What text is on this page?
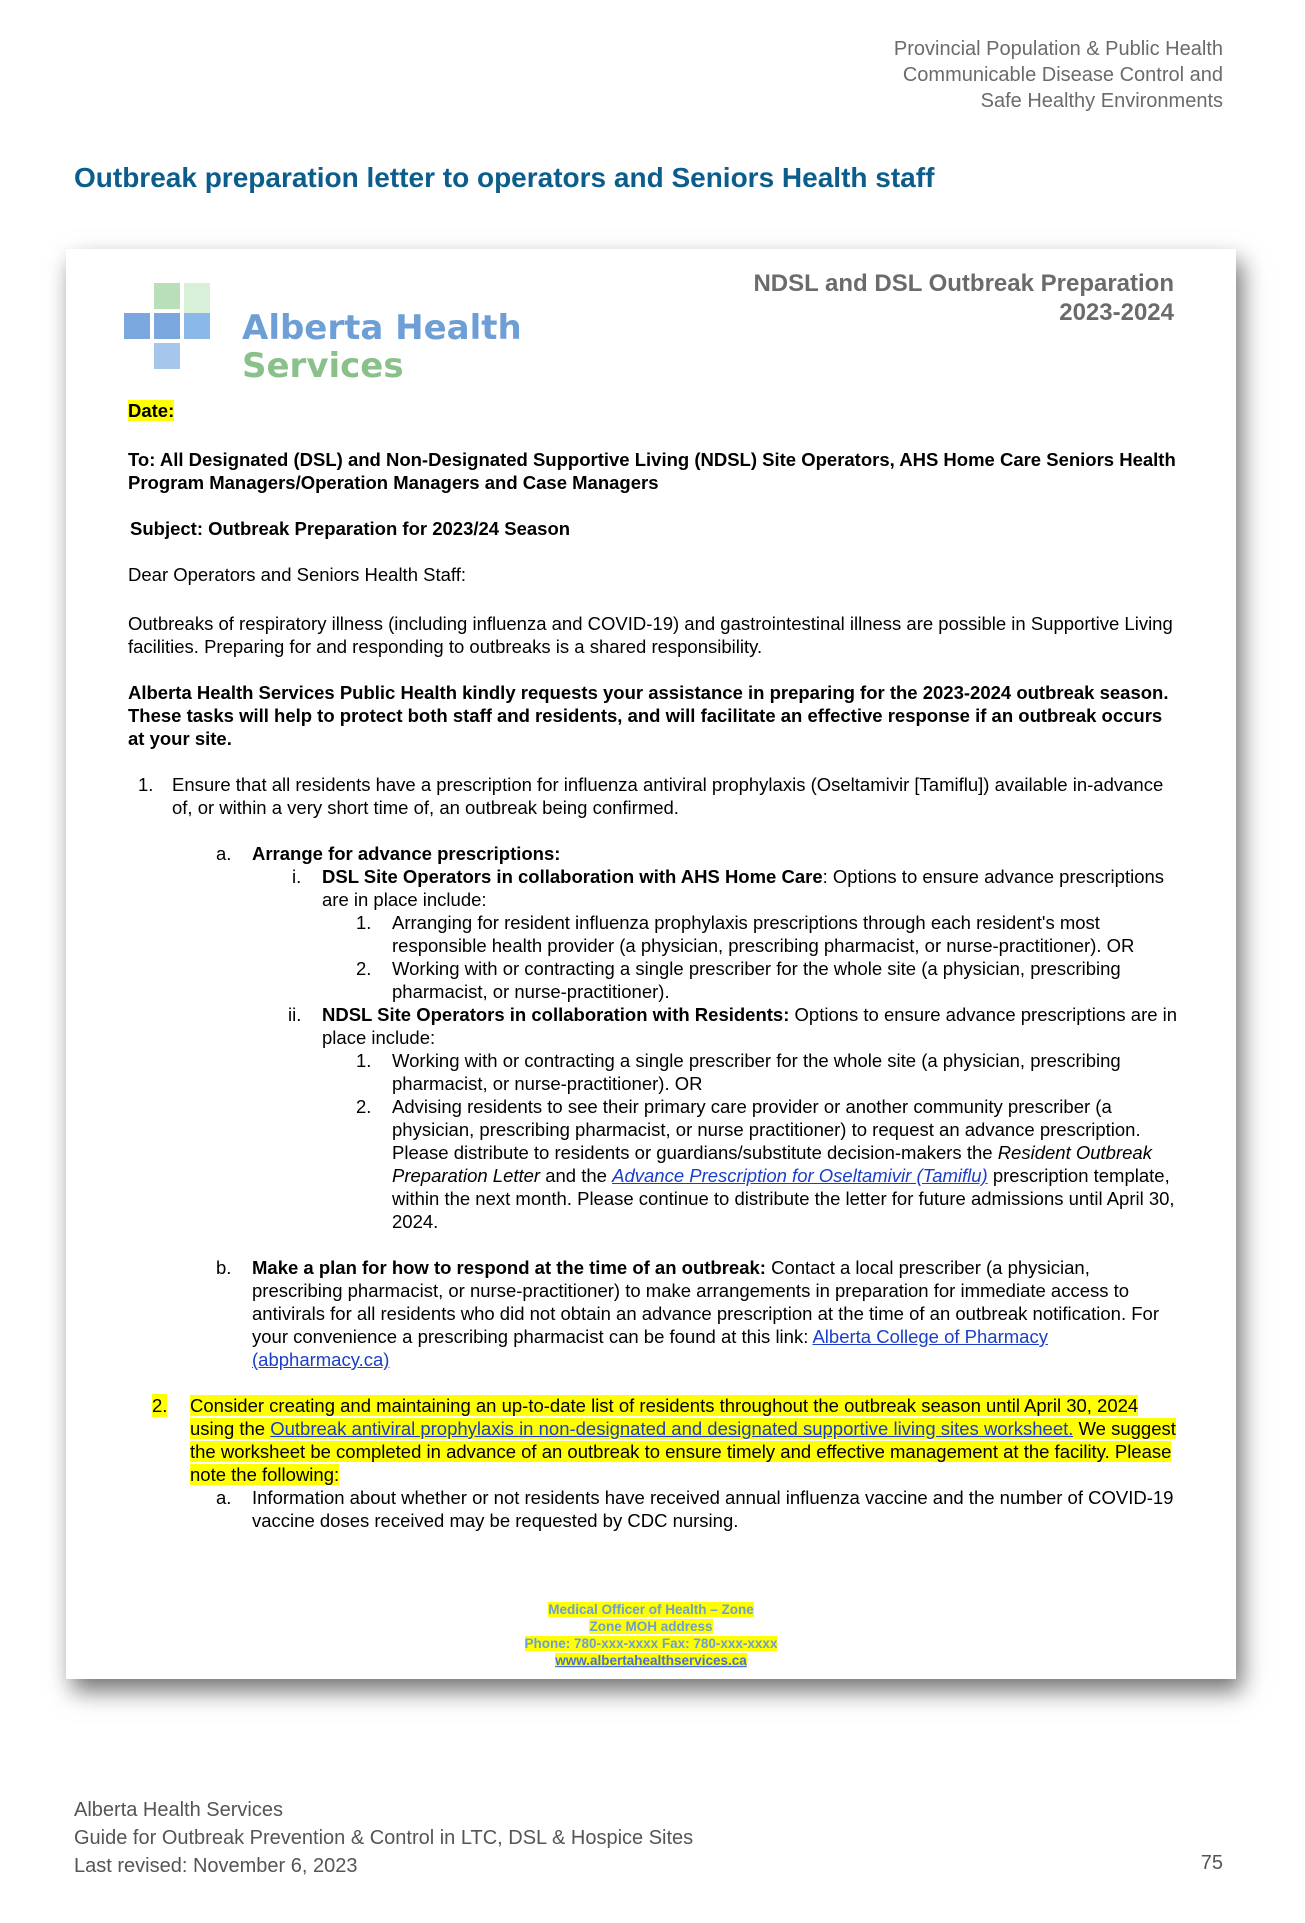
Provincial Population & Public Health
Communicable Disease Control and
Safe Healthy Environments
Outbreak preparation letter to operators and Seniors Health staff
Alberta Health
Services
NDSL and DSL Outbreak Preparation
2023-2024

Date:

To: All Designated (DSL) and Non-Designated Supportive Living (NDSL) Site Operators, AHS Home Care Seniors Health Program Managers/Operation Managers and Case Managers

Subject: Outbreak Preparation for 2023/24 Season

Dear Operators and Seniors Health Staff:

Outbreaks of respiratory illness (including influenza and COVID-19) and gastrointestinal illness are possible in Supportive Living facilities. Preparing for and responding to outbreaks is a shared responsibility.

Alberta Health Services Public Health kindly requests your assistance in preparing for the 2023-2024 outbreak season. These tasks will help to protect both staff and residents, and will facilitate an effective response if an outbreak occurs at your site.

1. Ensure that all residents have a prescription for influenza antiviral prophylaxis (Oseltamivir [Tamiflu]) available in-advance of, or within a very short time of, an outbreak being confirmed.
a. Arrange for advance prescriptions:
i. DSL Site Operators in collaboration with AHS Home Care: Options to ensure advance prescriptions are in place include:
1. Arranging for resident influenza prophylaxis prescriptions through each resident's most responsible health provider (a physician, prescribing pharmacist, or nurse-practitioner). OR
2. Working with or contracting a single prescriber for the whole site (a physician, prescribing pharmacist, or nurse-practitioner).
ii. NDSL Site Operators in collaboration with Residents: Options to ensure advance prescriptions are in place include:
1. Working with or contracting a single prescriber for the whole site (a physician, prescribing pharmacist, or nurse-practitioner). OR
2. Advising residents to see their primary care provider or another community prescriber (a physician, prescribing pharmacist, or nurse practitioner) to request an advance prescription. Please distribute to residents or guardians/substitute decision-makers the Resident Outbreak Preparation Letter and the Advance Prescription for Oseltamivir (Tamiflu) prescription template, within the next month. Please continue to distribute the letter for future admissions until April 30, 2024.
b. Make a plan for how to respond at the time of an outbreak: Contact a local prescriber (a physician, prescribing pharmacist, or nurse-practitioner) to make arrangements in preparation for immediate access to antivirals for all residents who did not obtain an advance prescription at the time of an outbreak notification. For your convenience a prescribing pharmacist can be found at this link: Alberta College of Pharmacy (abpharmacy.ca)
2. Consider creating and maintaining an up-to-date list of residents throughout the outbreak season until April 30, 2024 using the Outbreak antiviral prophylaxis in non-designated and designated supportive living sites worksheet. We suggest the worksheet be completed in advance of an outbreak to ensure timely and effective management at the facility. Please note the following:
a. Information about whether or not residents have received annual influenza vaccine and the number of COVID-19 vaccine doses received may be requested by CDC nursing.
Medical Officer of Health – Zone
Zone MOH address
Phone: 780-xxx-xxxx Fax: 780-xxx-xxxx
www.albertahealthservices.ca
Alberta Health Services
Guide for Outbreak Prevention & Control in LTC, DSL & Hospice Sites
Last revised: November 6, 2023	75
